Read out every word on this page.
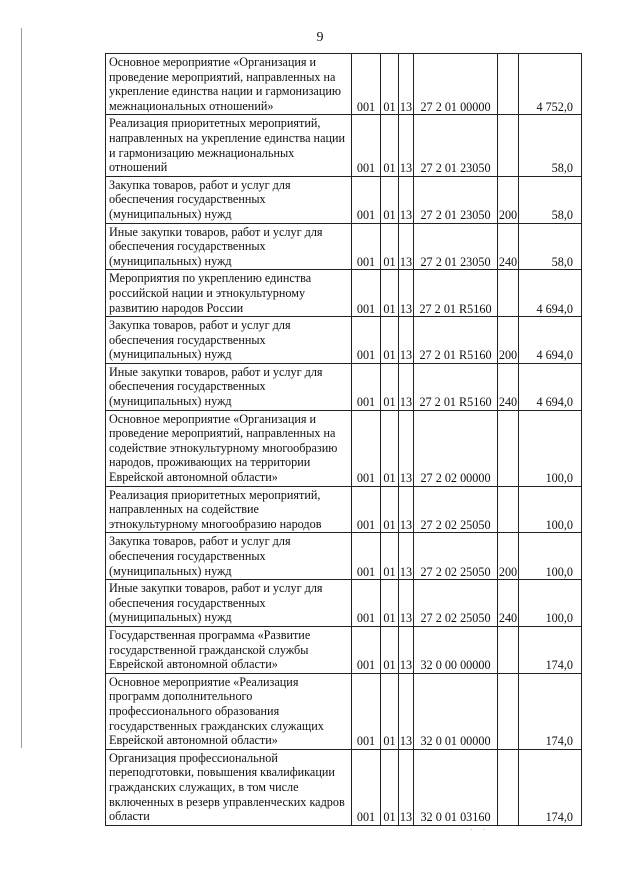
9
Основное мероприятие «Организация и проведение мероприятий, направленных на укрепление единства нации и гармонизацию межнациональных отношений»	001	01	13	27 2 01 00000		4 752,0
Реализация приоритетных мероприятий, направленных на укрепление единства нации и гармонизацию межнациональных отношений	001	01	13	27 2 01 23050		58,0
Закупка товаров, работ и услуг для обеспечения государственных (муниципальных) нужд	001	01	13	27 2 01 23050	200	58,0
Иные закупки товаров, работ и услуг для обеспечения государственных (муниципальных) нужд	001	01	13	27 2 01 23050	240	58,0
Мероприятия по укреплению единства российской нации и этнокультурному развитию народов России	001	01	13	27 2 01 R5160		4 694,0
Закупка товаров, работ и услуг для обеспечения государственных (муниципальных) нужд	001	01	13	27 2 01 R5160	200	4 694,0
Иные закупки товаров, работ и услуг для обеспечения государственных (муниципальных) нужд	001	01	13	27 2 01 R5160	240	4 694,0
Основное мероприятие «Организация и проведение мероприятий, направленных на содействие этнокультурному многообразию народов, проживающих на территории Еврейской автономной области»	001	01	13	27 2 02 00000		100,0
Реализация приоритетных мероприятий, направленных на содействие этнокультурному многообразию народов	001	01	13	27 2 02 25050		100,0
Закупка товаров, работ и услуг для обеспечения государственных (муниципальных) нужд	001	01	13	27 2 02 25050	200	100,0
Иные закупки товаров, работ и услуг для обеспечения государственных (муниципальных) нужд	001	01	13	27 2 02 25050	240	100,0
Государственная программа «Развитие государственной гражданской службы Еврейской автономной области»	001	01	13	32 0 00 00000		174,0
Основное мероприятие «Реализация программ дополнительного профессионального образования государственных гражданских служащих Еврейской автономной области»	001	01	13	32 0 01 00000		174,0
Организация профессиональной переподготовки, повышения квалификации гражданских служащих, в том числе включенных в резерв управленческих кадров области	001	01	13	32 0 01 03160		174,0
. .
